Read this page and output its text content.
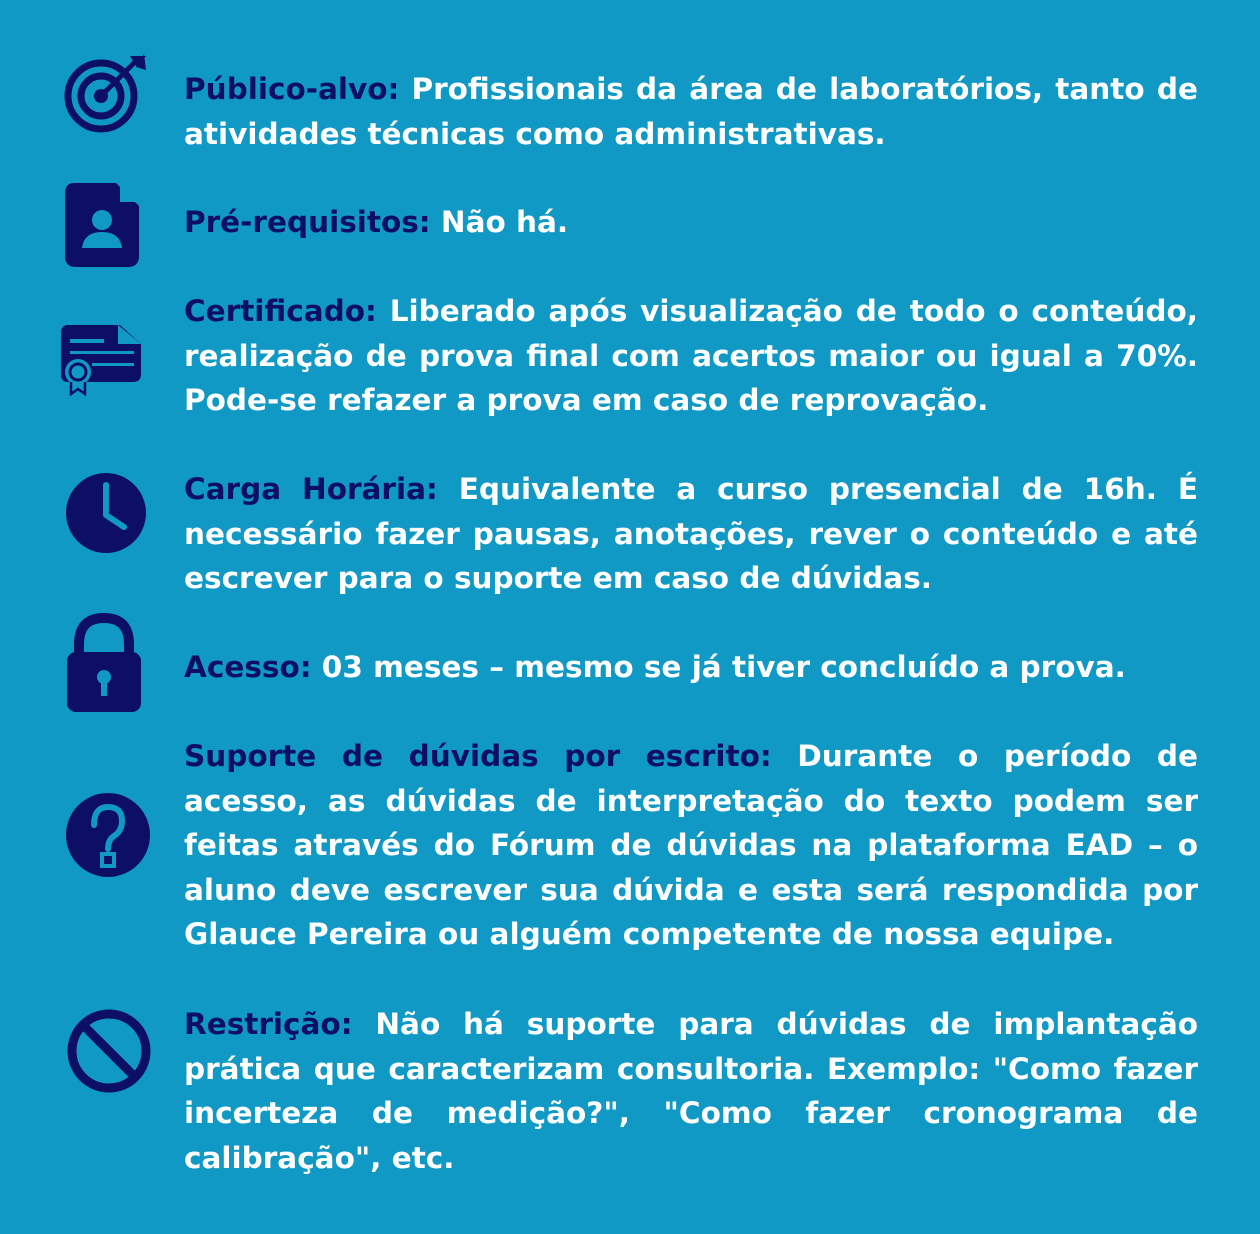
Público-alvo: Profissionais da área de laboratórios, tanto de atividades técnicas como administrativas.

Pré-requisitos: Não há.

Certificado: Liberado após visualização de todo o conteúdo, realização de prova final com acertos maior ou igual a 70%. Pode-se refazer a prova em caso de reprovação.

Carga Horária: Equivalente a curso presencial de 16h. É necessário fazer pausas, anotações, rever o conteúdo e até escrever para o suporte em caso de dúvidas.

Acesso: 03 meses – mesmo se já tiver concluído a prova.

Suporte de dúvidas por escrito: Durante o período de acesso, as dúvidas de interpretação do texto podem ser feitas através do Fórum de dúvidas na plataforma EAD – o aluno deve escrever sua dúvida e esta será respondida por Glauce Pereira ou alguém competente de nossa equipe.

Restrição: Não há suporte para dúvidas de implantação prática que caracterizam consultoria. Exemplo: "Como fazer incerteza de medição?", "Como fazer cronograma de calibração", etc.
